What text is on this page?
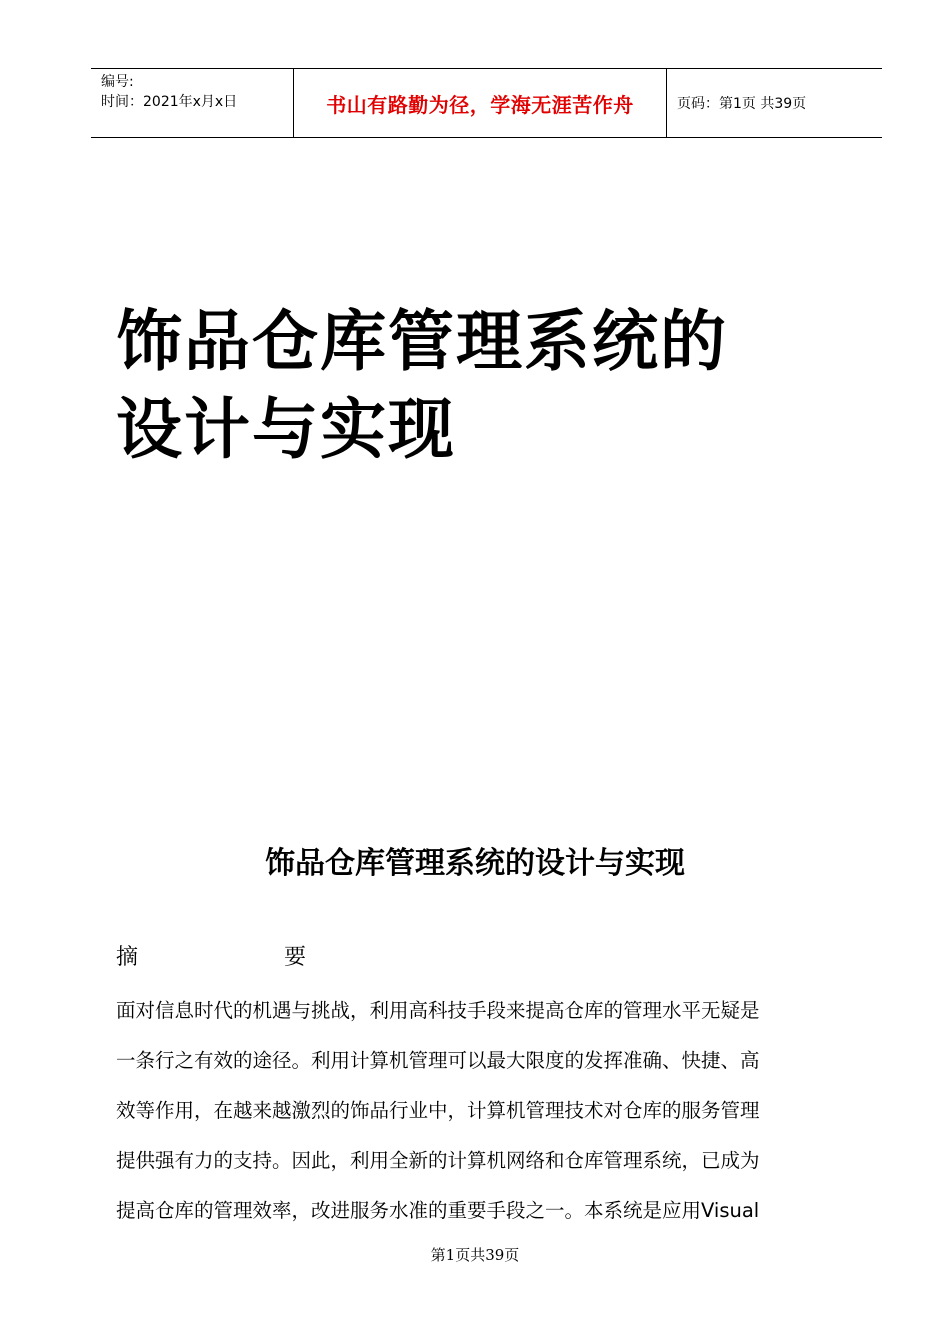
编号:
时间：2021年x月x日	书山有路勤为径，学海无涯苦作舟	页码：第1页 共39页
饰品仓库管理系统的
设计与实现
饰品仓库管理系统的设计与实现
摘	要
面对信息时代的机遇与挑战，利用高科技手段来提高仓库的管理水平无疑是
一条行之有效的途径。利用计算机管理可以最大限度的发挥准确、快捷、高
效等作用，在越来越激烈的饰品行业中，计算机管理技术对仓库的服务管理
提供强有力的支持。因此，利用全新的计算机网络和仓库管理系统，已成为
提高仓库的管理效率，改进服务水准的重要手段之一。本系统是应用Visual
第1页共39页
